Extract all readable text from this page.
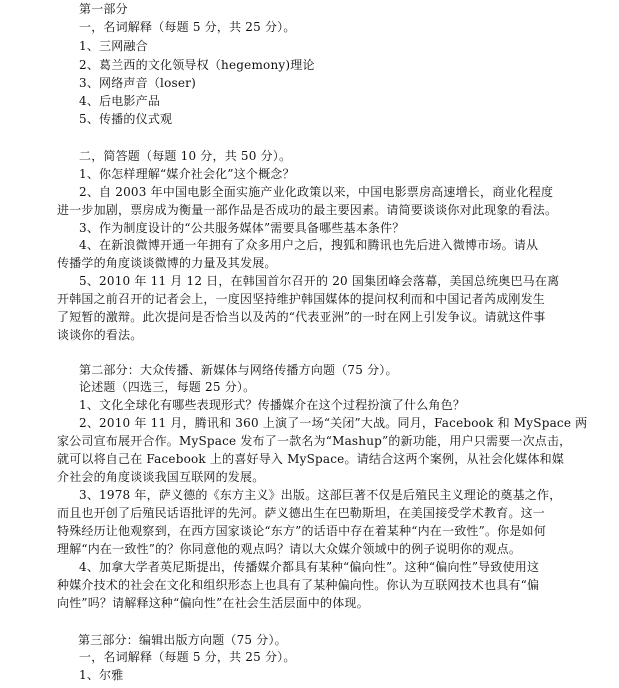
第一部分
一，名词解释（每题 5 分，共 25 分）。
1、三网融合
2、葛兰西的文化领导权（hegemony)理论
3、网络声音（loser)
4、后电影产品
5、传播的仪式观
二，简答题（每题 10 分，共 50 分）。
1、你怎样理解“媒介社会化”这个概念？
2、自 2003 年中国电影全面实施产业化政策以来，中国电影票房高速增长，商业化程度
进一步加剧，票房成为衡量一部作品是否成功的最主要因素。请简要谈谈你对此现象的看法。
3、作为制度设计的“公共服务媒体”需要具备哪些基本条件？
4、在新浪微博开通一年拥有了众多用户之后，搜狐和腾讯也先后进入微博市场。请从
传播学的角度谈谈微博的力量及其发展。
5、2010 年 11 月 12 日，在韩国首尔召开的 20 国集团峰会落幕，美国总统奥巴马在离
开韩国之前召开的记者会上，一度因坚持维护韩国媒体的提问权利而和中国记者芮成刚发生
了短暂的激辩。此次提问是否恰当以及芮的“代表亚洲”的一时在网上引发争议。请就这件事
谈谈你的看法。
第二部分：大众传播、新媒体与网络传播方向题（75 分）。
论述题（四选三，每题 25 分）。
1、文化全球化有哪些表现形式？传播媒介在这个过程扮演了什么角色？
2、2010 年 11 月，腾讯和 360 上演了一场“关闭”大战。同月，Facebook 和 MySpace 两
家公司宣布展开合作。MySpace 发布了一款名为“Mashup”的新功能，用户只需要一次点击，
就可以将自己在 Facebook 上的喜好导入 MySpace。请结合这两个案例，从社会化媒体和媒
介社会的角度谈谈我国互联网的发展。
3、1978 年，萨义德的《东方主义》出版。这部巨著不仅是后殖民主义理论的奠基之作，
而且也开创了后殖民话语批评的先河。萨义德出生在巴勒斯坦，在美国接受学术教育。这一
特殊经历让他观察到，在西方国家谈论“东方”的话语中存在着某种“内在一致性”。你是如何
理解“内在一致性”的？你同意他的观点吗？请以大众媒介领域中的例子说明你的观点。
4、加拿大学者英尼斯提出，传播媒介都具有某种“偏向性”。这种“偏向性”导致使用这
种媒介技术的社会在文化和组织形态上也具有了某种偏向性。你认为互联网技术也具有“偏
向性”吗？请解释这种“偏向性”在社会生活层面中的体现。
第三部分：编辑出版方向题（75 分）。
一，名词解释（每题 5 分，共 25 分）。
1、尔雅
